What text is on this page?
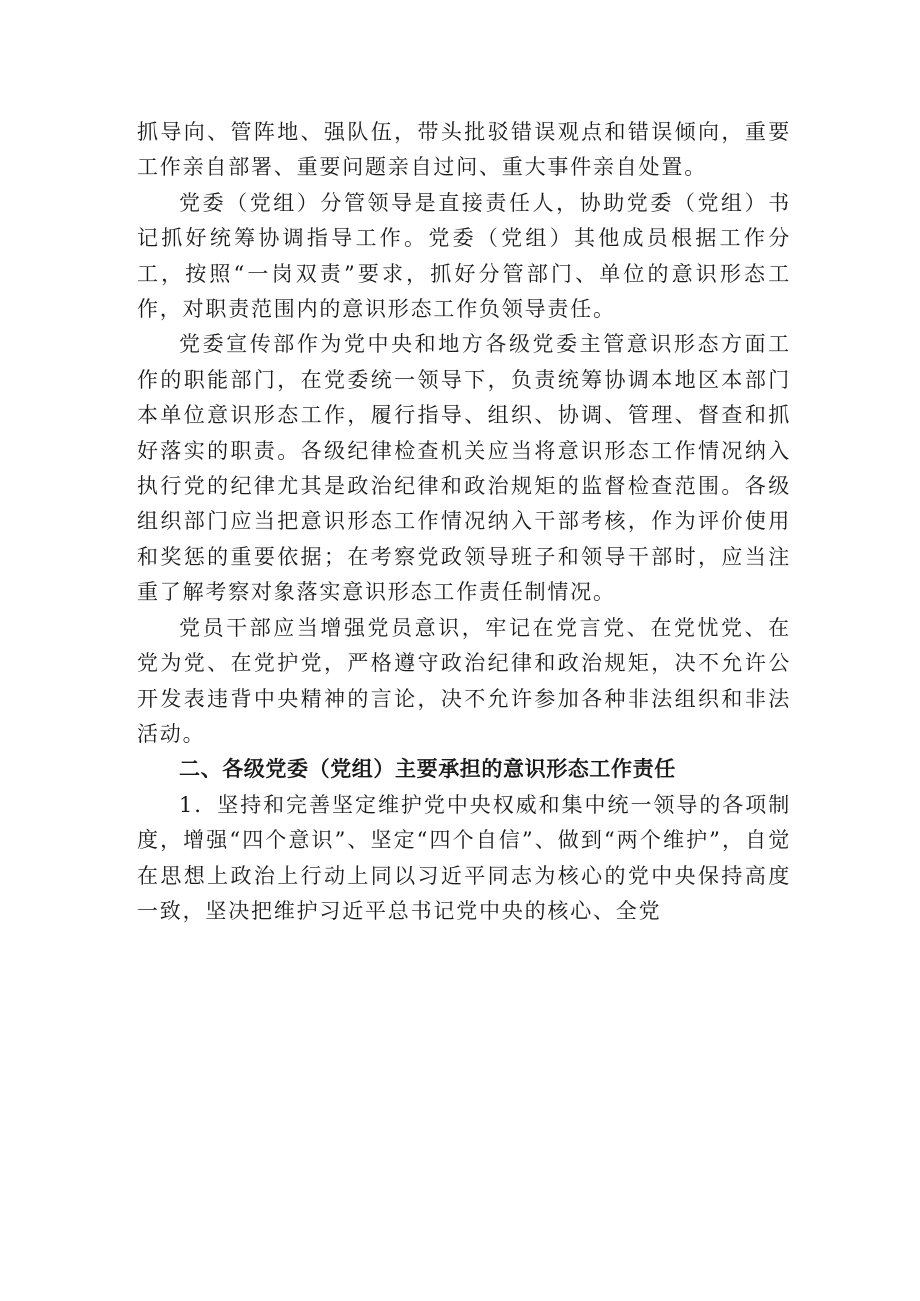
抓导向、管阵地、强队伍，带头批驳错误观点和错误倾向，重要工作亲自部署、重要问题亲自过问、重大事件亲自处置。

党委（党组）分管领导是直接责任人，协助党委（党组）书记抓好统筹协调指导工作。党委（党组）其他成员根据工作分工，按照“一岗双责”要求，抓好分管部门、单位的意识形态工作，对职责范围内的意识形态工作负领导责任。

党委宣传部作为党中央和地方各级党委主管意识形态方面工作的职能部门，在党委统一领导下，负责统筹协调本地区本部门本单位意识形态工作，履行指导、组织、协调、管理、督查和抓好落实的职责。各级纪律检查机关应当将意识形态工作情况纳入执行党的纪律尤其是政治纪律和政治规矩的监督检查范围。各级组织部门应当把意识形态工作情况纳入干部考核，作为评价使用和奖惩的重要依据；在考察党政领导班子和领导干部时，应当注重了解考察对象落实意识形态工作责任制情况。

党员干部应当增强党员意识，牢记在党言党、在党忧党、在党为党、在党护党，严格遵守政治纪律和政治规矩，决不允许公开发表违背中央精神的言论，决不允许参加各种非法组织和非法活动。

二、各级党委（党组）主要承担的意识形态工作责任

1．坚持和完善坚定维护党中央权威和集中统一领导的各项制度，增强“四个意识”、坚定“四个自信”、做到“两个维护”，自觉在思想上政治上行动上同以习近平同志为核心的党中央保持高度一致，坚决把维护习近平总书记党中央的核心、全党
